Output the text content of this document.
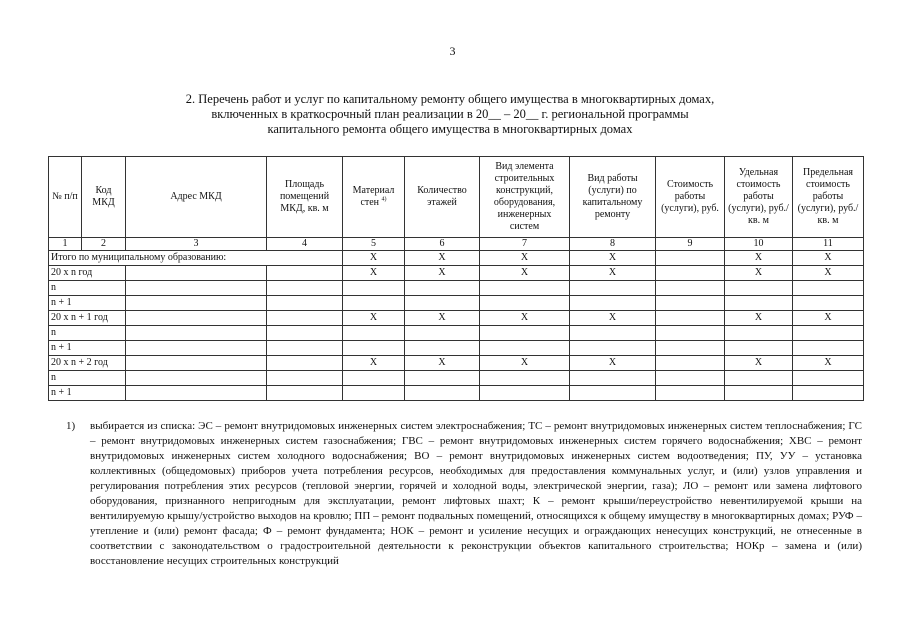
3
2. Перечень работ и услуг по капитальному ремонту общего имущества в многоквартирных домах,
включенных в краткосрочный план реализации в 20__ – 20__ г. региональной программы
капитального ремонта общего имущества в многоквартирных домах
№ п/п	Код МКД	Адрес МКД	Площадь помещений МКД, кв. м	Материал стен $^{4)}$	Количество этажей	Вид элемента строительных конструкций, оборудования, инженерных систем	Вид работы (услуги) по капитальному ремонту	Стоимость работы (услуги), руб.	Удельная стоимость работы (услуги), руб./кв. м	Предельная стоимость работы (услуги), руб./кв. м
1	2	3	4	5	6	7	8	9	10	11
Итого по муниципальному образованию:				X	X	X	X		X	X
20 x n год				X	X	X	X		X	X
n										
n + 1										
20 x n + 1 год				X	X	X	X		X	X
n										
n + 1										
20 x n + 2 год				X	X	X	X		X	X
n										
n + 1										
1) выбирается из списка: ЭС – ремонт внутридомовых инженерных систем электроснабжения; ТС – ремонт внутридомовых инженерных систем теплоснабжения; ГС – ремонт внутридомовых инженерных систем газоснабжения; ГВС – ремонт внутридомовых инженерных систем горячего водоснабжения; ХВС – ремонт внутридомовых инженерных систем холодного водоснабжения; ВО – ремонт внутридомовых инженерных систем водоотведения; ПУ, УУ – установка коллективных (общедомовых) приборов учета потребления ресурсов, необходимых для предоставления коммунальных услуг, и (или) узлов управления и регулирования потребления этих ресурсов (тепловой энергии, горячей и холодной воды, электрической энергии, газа); ЛО – ремонт или замена лифтового оборудования, признанного непригодным для эксплуатации, ремонт лифтовых шахт; К – ремонт крыши/переустройство невентилируемой крыши на вентилируемую крышу/устройство выходов на кровлю; ПП – ремонт подвальных помещений, относящихся к общему имуществу в многоквартирных домах; РУФ – утепление и (или) ремонт фасада; Ф – ремонт фундамента; НОК – ремонт и усиление несущих и ограждающих ненесущих конструкций, не отнесенные в соответствии с законодательством о градостроительной деятельности к реконструкции объектов капитального строительства; НОКр – замена и (или) восстановление несущих строительных конструкций
